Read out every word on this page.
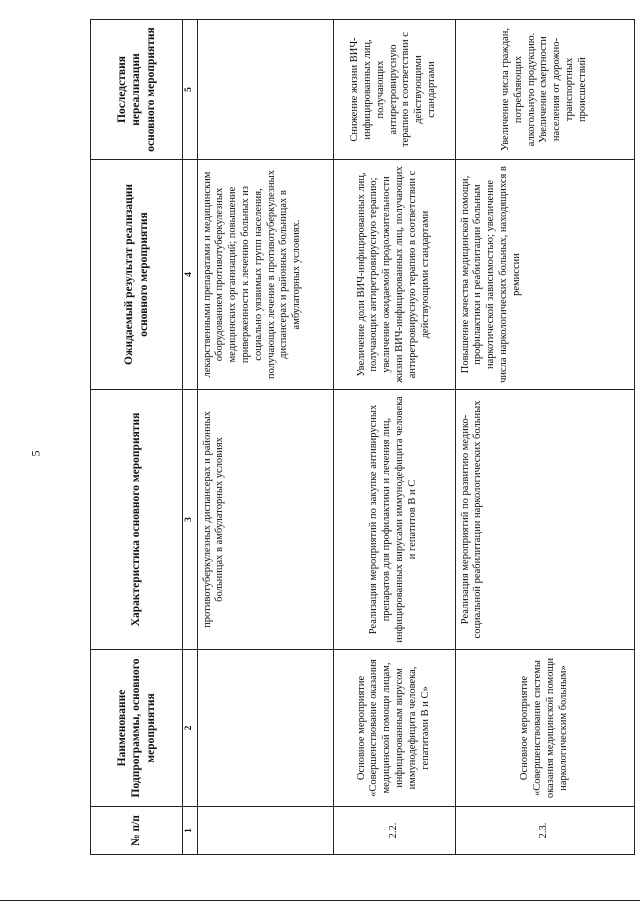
5
№ п/п	Наименование Подпрограммы, основного мероприятия	Характеристика основного мероприятия	Ожидаемый результат реализации основного мероприятия	Последствия нереализации основного мероприятия
1	2	3	4	5
		противотуберкулезных диспансерах и районных больницах в амбулаторных условиях	лекарственными препаратами и медицинским оборудованием противотуберкулезных медицинских организаций; повышение приверженности к лечению больных из социально уязвимых групп населения, получающих лечение в противотуберкулезных диспансерах и районных больницах в амбулаторных условиях.	
2.2.	Основное мероприятие «Совершенствование оказания медицинской помощи лицам, инфицированным вирусом иммунодефицита человека, гепатитами В и С»	Реализация мероприятий по закупке антивирусных препаратов для профилактики и лечения лиц, инфицированных вирусами иммунодефицита человека и гепатитов В и С	Увеличение доли ВИЧ-инфицированных лиц, получающих антиретровирусную терапию; увеличение ожидаемой продолжительности жизни ВИЧ-инфицированных лиц, получающих антиретровирусную терапию в соответствии с действующими стандартами	Снижение жизни ВИЧ-инфицированных лиц, получающих антиретровирусную терапию в соответствии с действующими стандартами
2.3.	Основное мероприятие «Совершенствование системы оказания медицинской помощи наркологическим больным»	Реализация мероприятий по развитию медико-социальной реабилитации наркологических больных	Повышение качества медицинской помощи, профилактики и реабилитации больным наркотической зависимостью; увеличение числа наркологических больных, находящихся в ремиссии	Увеличение числа граждан, потребляющих алкогольную продукцию. Увеличение смертности населения от дорожно-транспортных происшествий
